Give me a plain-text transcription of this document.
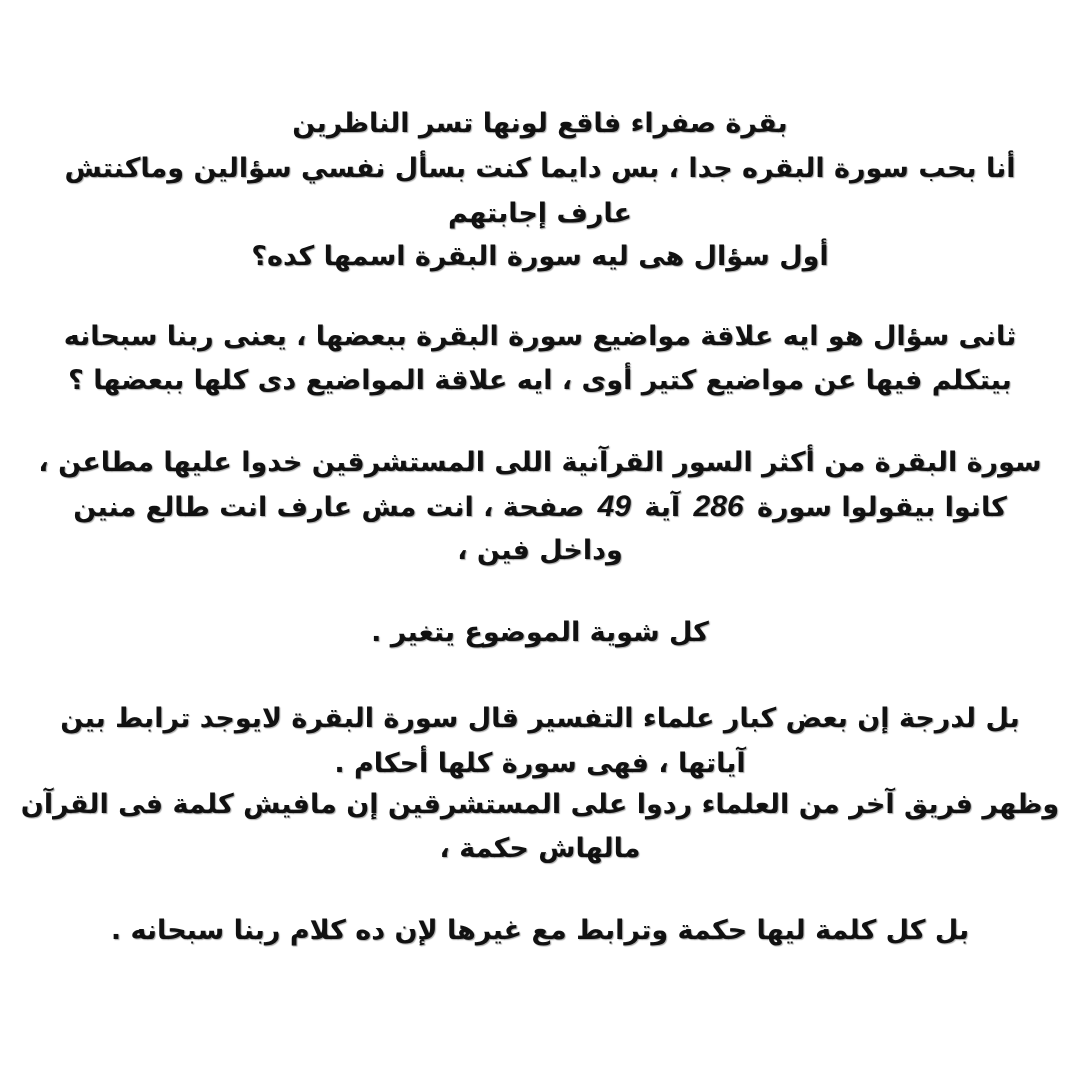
بقرة صفراء فاقع لونها تسر الناظرين
أنا بحب سورة البقره جدا ، بس دايما كنت بسأل نفسي سؤالين وماكنتش
عارف إجابتهم
أول سؤال هى ليه سورة البقرة اسمها كده؟
ثانى سؤال هو ايه علاقة مواضيع سورة البقرة ببعضها ، يعنى ربنا سبحانه
بيتكلم فيها عن مواضيع كتير أوى ، ايه علاقة المواضيع دى كلها ببعضها ؟
سورة البقرة من أكثر السور القرآنية اللى المستشرقين خدوا عليها مطاعن ،
كانوا بيقولوا سورة 286 آية 49 صفحة ، انت مش عارف انت طالع منين
وداخل فين ،
كل شوية الموضوع يتغير .
بل لدرجة إن بعض كبار علماء التفسير قال سورة البقرة لايوجد ترابط بين
آياتها ، فهى سورة كلها أحكام .
وظهر فريق آخر من العلماء ردوا على المستشرقين إن مافيش كلمة فى القرآن
مالهاش حكمة ،
بل كل كلمة ليها حكمة وترابط مع غيرها لإن ده كلام ربنا سبحانه .
